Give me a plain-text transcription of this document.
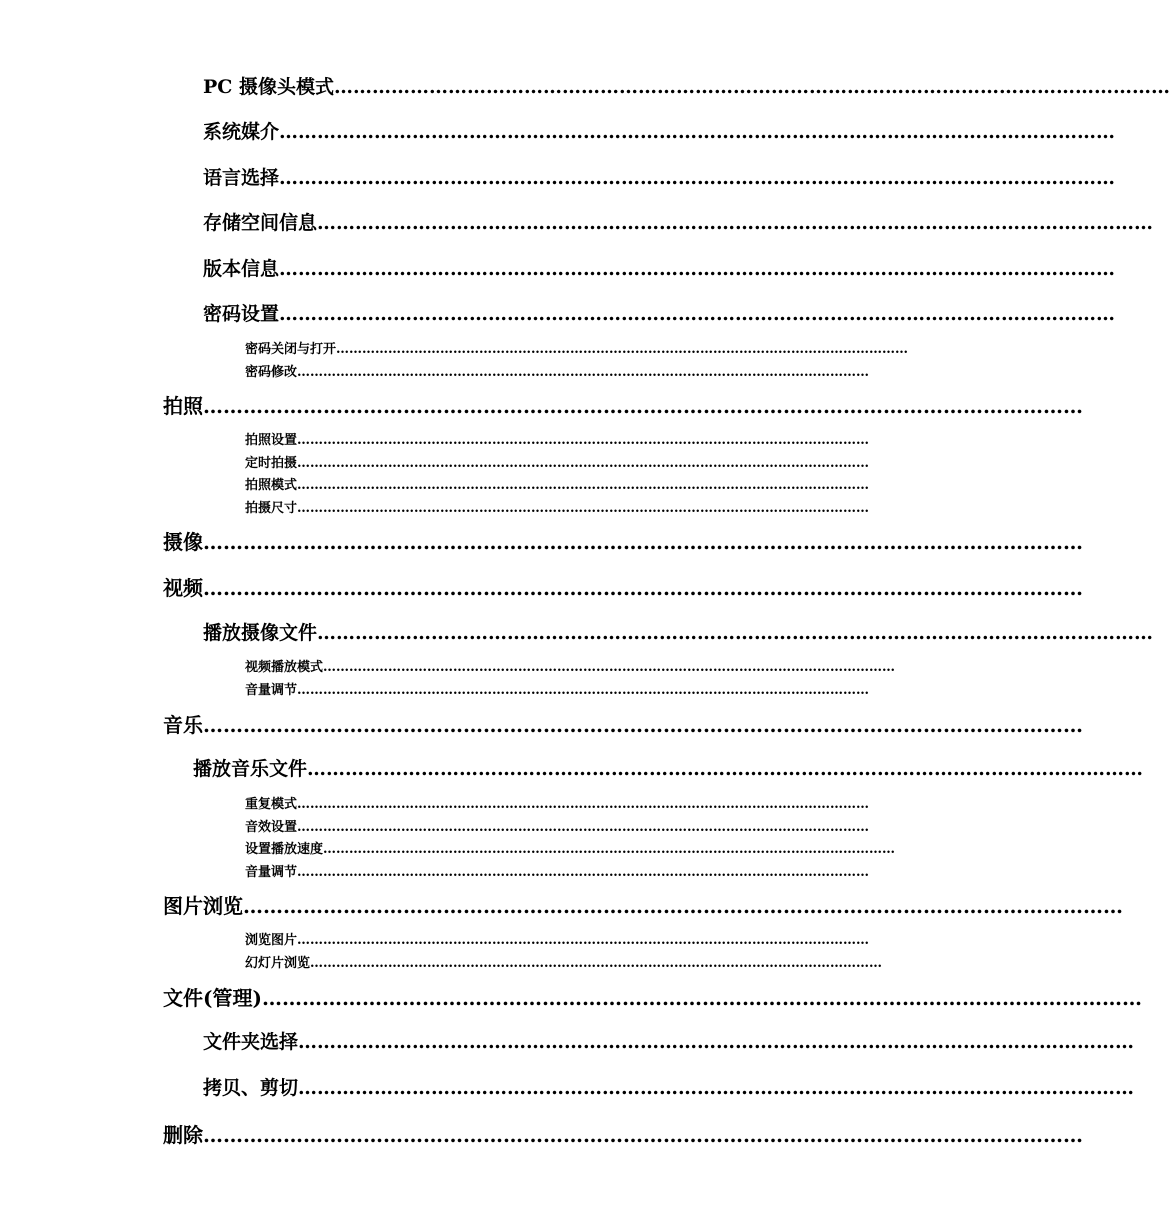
PC 摄像头模式……………………………………………………………………………………………………………………
系统媒介……………………………………………………………………………………………………………………
语言选择……………………………………………………………………………………………………………………
存储空间信息……………………………………………………………………………………………………………………
版本信息……………………………………………………………………………………………………………………
密码设置……………………………………………………………………………………………………………………
密码关闭与打开……………………………………………………………………………………………………………………
密码修改……………………………………………………………………………………………………………………
拍照……………………………………………………………………………………………………………………
拍照设置……………………………………………………………………………………………………………………
定时拍摄……………………………………………………………………………………………………………………
拍照模式……………………………………………………………………………………………………………………
拍摄尺寸……………………………………………………………………………………………………………………
摄像……………………………………………………………………………………………………………………
视频……………………………………………………………………………………………………………………
播放摄像文件……………………………………………………………………………………………………………………
视频播放模式……………………………………………………………………………………………………………………
音量调节……………………………………………………………………………………………………………………
音乐……………………………………………………………………………………………………………………
播放音乐文件……………………………………………………………………………………………………………………
重复模式……………………………………………………………………………………………………………………
音效设置……………………………………………………………………………………………………………………
设置播放速度……………………………………………………………………………………………………………………
音量调节……………………………………………………………………………………………………………………
图片浏览……………………………………………………………………………………………………………………
浏览图片……………………………………………………………………………………………………………………
幻灯片浏览……………………………………………………………………………………………………………………
文件(管理)……………………………………………………………………………………………………………………
文件夹选择……………………………………………………………………………………………………………………
拷贝、剪切……………………………………………………………………………………………………………………
删除……………………………………………………………………………………………………………………
